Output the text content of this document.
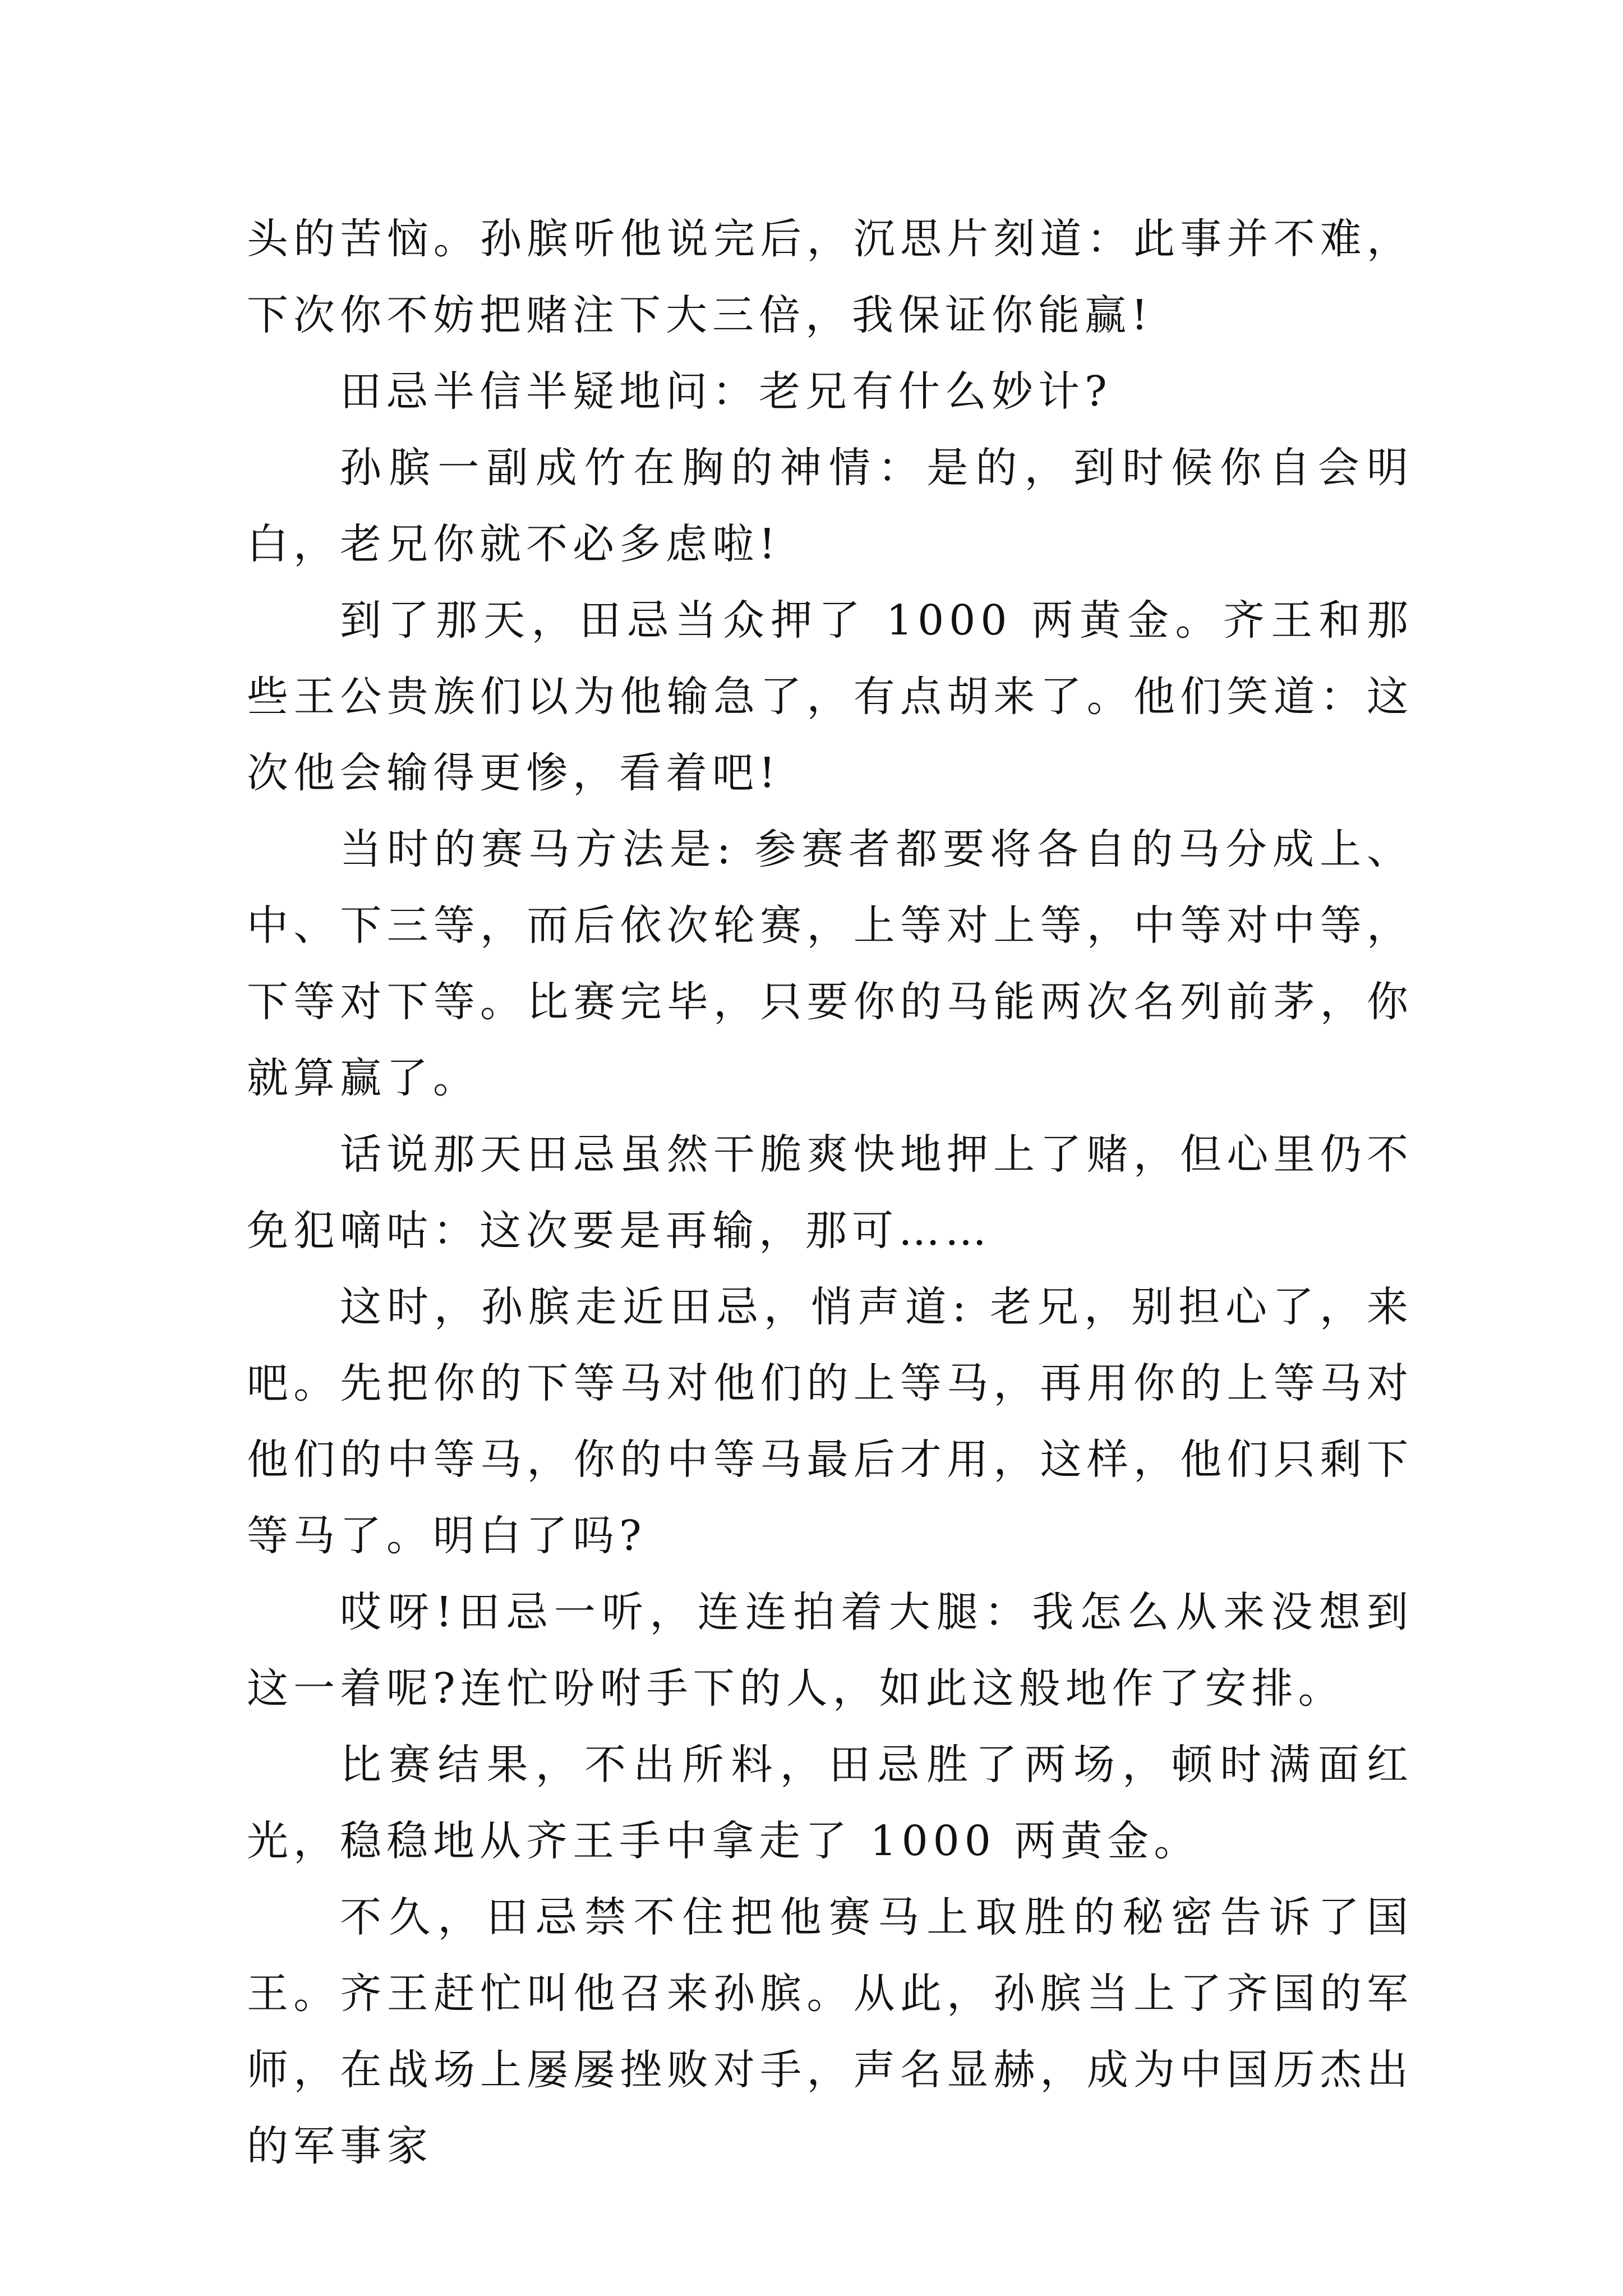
头的苦恼。孙膑听他说完后，沉思片刻道：此事并不难，下次你不妨把赌注下大三倍，我保证你能赢!

田忌半信半疑地问：老兄有什么妙计?

孙膑一副成竹在胸的神情：是的，到时候你自会明白，老兄你就不必多虑啦!

到了那天，田忌当众押了 1000 两黄金。齐王和那些王公贵族们以为他输急了，有点胡来了。他们笑道：这次他会输得更惨，看着吧!

当时的赛马方法是: 参赛者都要将各自的马分成上、中、下三等，而后依次轮赛，上等对上等，中等对中等，下等对下等。比赛完毕，只要你的马能两次名列前茅，你就算赢了。

话说那天田忌虽然干脆爽快地押上了赌，但心里仍不免犯嘀咕：这次要是再输，那可……

这时，孙膑走近田忌，悄声道: 老兄，别担心了，来吧。先把你的下等马对他们的上等马，再用你的上等马对他们的中等马，你的中等马最后才用，这样，他们只剩下等马了。明白了吗?

哎呀!田忌一听，连连拍着大腿：我怎么从来没想到这一着呢?连忙吩咐手下的人，如此这般地作了安排。

比赛结果，不出所料，田忌胜了两场，顿时满面红光，稳稳地从齐王手中拿走了 1000 两黄金。

不久，田忌禁不住把他赛马上取胜的秘密告诉了国王。齐王赶忙叫他召来孙膑。从此，孙膑当上了齐国的军师，在战场上屡屡挫败对手，声名显赫，成为中国历杰出的军事家
